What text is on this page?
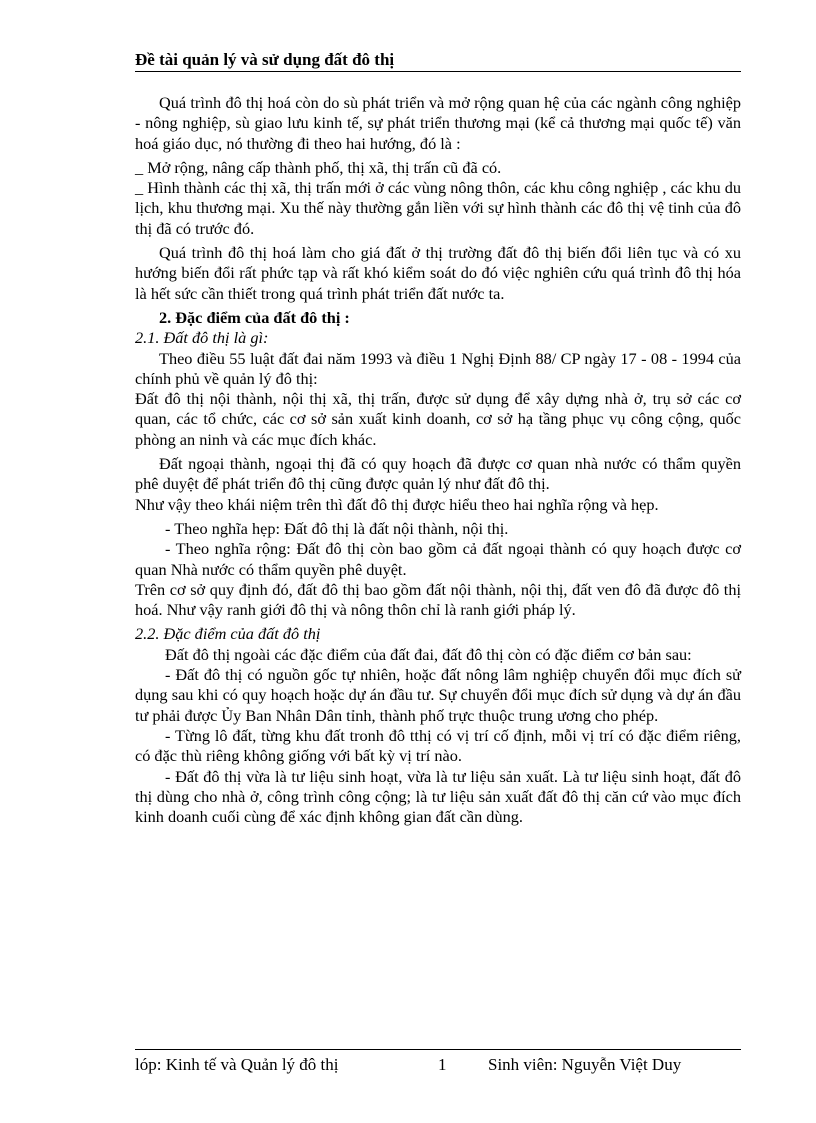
Đề tài quản lý và sử dụng đất đô thị

Quá trình đô thị hoá còn do sù phát triển và mở rộng quan hệ của các ngành công nghiệp - nông nghiệp, sù giao lưu kinh tế, sự phát triển thương mại (kể cả thương mại quốc tế) văn hoá giáo dục, nó thường đi theo hai hướng, đó là :

_ Mở rộng, nâng cấp thành phố, thị xã, thị trấn cũ đã có.

_ Hình thành các thị xã, thị trấn mới ở các vùng nông thôn, các khu công nghiệp , các khu du lịch, khu thương mại. Xu thế này thường gắn liền với sự hình thành các đô thị vệ tinh của đô thị đã có trước đó.

Quá trình đô thị hoá làm cho giá đất ở thị trường đất đô thị biến đổi liên tục và có xu hướng biến đổi rất phức tạp và rất khó kiểm soát do đó việc nghiên cứu quá trình đô thị hóa là hết sức cần thiết trong quá trình phát triển đất nước ta.

2. Đặc điểm của đất đô thị :

2.1. Đất đô thị là gì:

Theo điều 55 luật đất đai năm 1993 và điều 1 Nghị Định 88/ CP ngày 17 - 08 - 1994 của chính phủ về quản lý đô thị:

Đất đô thị nội thành, nội thị xã, thị trấn, được sử dụng để xây dựng nhà ở, trụ sở các cơ quan, các tổ chức, các cơ sở sản xuất kinh doanh, cơ sở hạ tầng phục vụ công cộng, quốc phòng an ninh và các mục đích khác.

Đất ngoại thành, ngoại thị đã có quy hoạch đã được cơ quan nhà nước có thẩm quyền phê duyệt để phát triển đô thị cũng được quản lý như đất đô thị.

Như vậy theo khái niệm trên thì đất đô thị được hiểu theo hai nghĩa rộng và hẹp.

- Theo nghĩa hẹp: Đất đô thị là đất nội thành, nội thị.

- Theo nghĩa rộng: Đất đô thị còn bao gồm cả đất ngoại thành có quy hoạch được cơ quan Nhà nước có thẩm quyền phê duyệt.

Trên cơ sở quy định đó, đất đô thị bao gồm đất nội thành, nội thị, đất ven đô đã được đô thị hoá. Như vậy ranh giới đô thị và nông thôn chỉ là ranh giới pháp lý.

2.2. Đặc điểm của đất đô thị

Đất đô thị ngoài các đặc điểm của đất đai, đất đô thị còn có đặc điểm cơ bản sau:

- Đất đô thị có nguồn gốc tự nhiên, hoặc đất nông lâm nghiệp chuyển đổi mục đích sử dụng sau khi có quy hoạch hoặc dự án đầu tư. Sự chuyển đổi mục đích sử dụng và dự án đầu tư phải được Ủy Ban Nhân Dân tỉnh, thành phố trực thuộc trung ương cho phép.

- Từng lô đất, từng khu đất tronh đô tthị có vị trí cố định, mỗi vị trí có đặc điểm riêng, có đặc thù riêng không giống với bất kỳ vị trí nào.

- Đất đô thị vừa là tư liệu sinh hoạt, vừa là tư liệu sản xuất. Là tư liệu sinh hoạt, đất đô thị dùng cho nhà ở, công trình công cộng; là tư liệu sản xuất đất đô thị căn cứ vào mục đích kinh doanh cuối cùng để xác định không gian đất cần dùng.

lóp: Kinh tế và Quản lý đô thị	1 Sinh viên: Nguyễn Việt Duy
